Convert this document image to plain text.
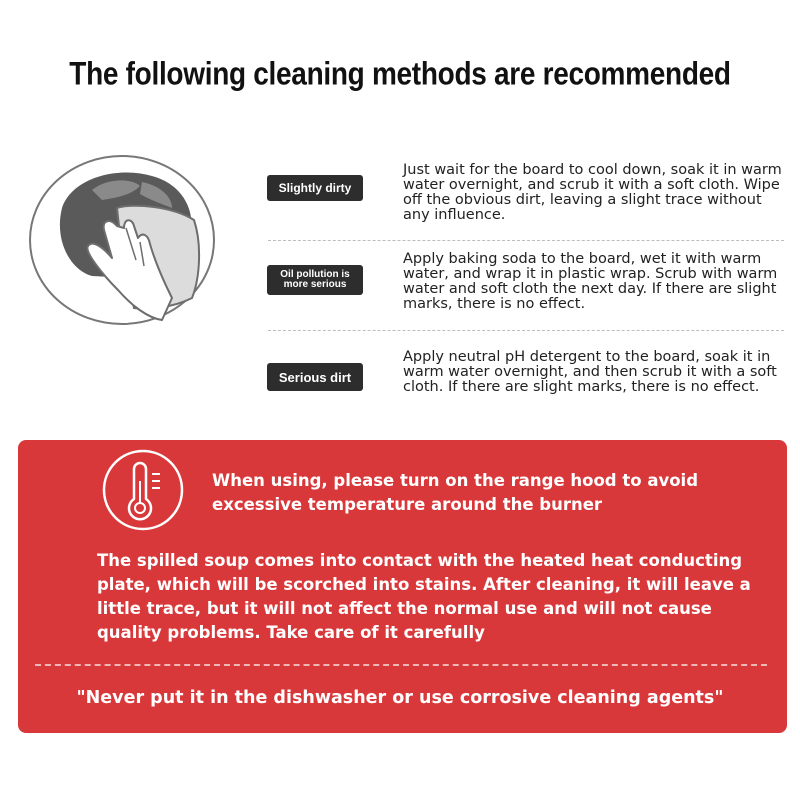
The following cleaning methods are recommended
Slightly dirty
Just wait for the board to cool down, soak it in warm water overnight, and scrub it with a soft cloth. Wipe off the obvious dirt, leaving a slight trace without any influence.
Oil pollution is more serious
Apply baking soda to the board, wet it with warm water, and wrap it in plastic wrap. Scrub with warm water and soft cloth the next day. If there are slight marks, there is no effect.
Serious dirt
Apply neutral pH detergent to the board, soak it in warm water overnight, and then scrub it with a soft cloth. If there are slight marks, there is no effect.
When using, please turn on the range hood to avoid excessive temperature around the burner
The spilled soup comes into contact with the heated heat conducting plate, which will be scorched into stains. After cleaning, it will leave a little trace, but it will not affect the normal use and will not cause quality problems. Take care of it carefully
"Never put it in the dishwasher or use corrosive cleaning agents"
